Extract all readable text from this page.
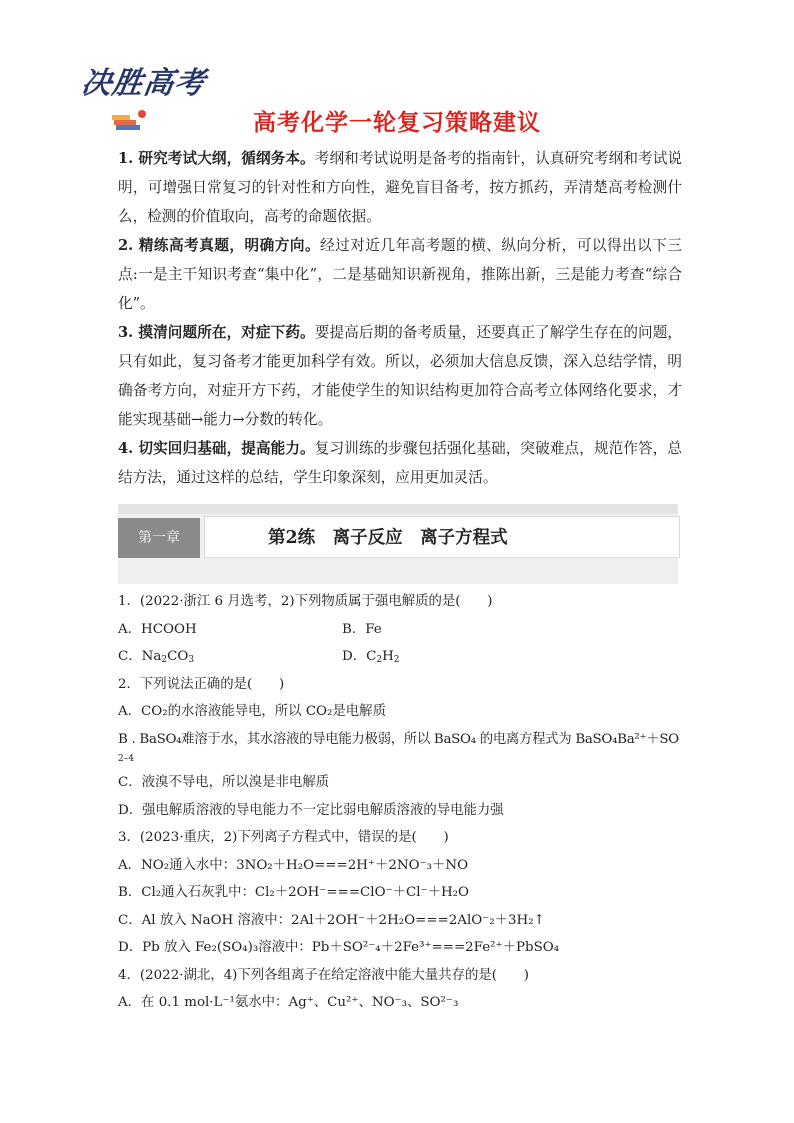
决胜高考
高考化学一轮复习策略建议

1. 研究考试大纲，循纲务本。考纲和考试说明是备考的指南针，认真研究考纲和考试说明，可增强日常复习的针对性和方向性，避免盲目备考，按方抓药，弄清楚高考检测什么，检测的价值取向，高考的命题依据。

2. 精练高考真题，明确方向。经过对近几年高考题的横、纵向分析，可以得出以下三点:一是主干知识考查“集中化”，二是基础知识新视角，推陈出新，三是能力考查“综合化”。

3. 摸清问题所在，对症下药。要提高后期的备考质量，还要真正了解学生存在的问题，只有如此，复习备考才能更加科学有效。所以，必须加大信息反馈，深入总结学情，明确备考方向，对症开方下药，才能使学生的知识结构更加符合高考立体网络化要求，才能实现基础→能力→分数的转化。

4. 切实回归基础，提高能力。复习训练的步骤包括强化基础，突破难点，规范作答，总结方法，通过这样的总结，学生印象深刻，应用更加灵活。

第一章	第2练　离子反应　离子方程式
1．(2022·浙江 6 月选考，2)下列物质属于强电解质的是(　　)
A．HCOOH	B．Fe
C．$Na_2CO_3$	D．$C_2H_2$
2．下列说法正确的是(　　)
A．CO₂的水溶液能导电，所以 CO₂是电解质
B . BaSO₄难溶于水，其水溶液的导电能力极弱，所以 BaSO₄ 的电离方程式为 BaSO₄Ba²⁺＋SO
2–4
C．液溴不导电，所以溴是非电解质
D．强电解质溶液的导电能力不一定比弱电解质溶液的导电能力强
3．(2023·重庆，2)下列离子方程式中，错误的是(　　)
A．NO₂通入水中：3NO₂＋H₂O===2H⁺＋2NO⁻₃＋NO
B．Cl₂通入石灰乳中：Cl₂＋2OH⁻===ClO⁻＋Cl⁻＋H₂O
C．Al 放入 NaOH 溶液中：2Al＋2OH⁻＋2H₂O===2AlO⁻₂＋3H₂↑
D．Pb 放入 Fe₂(SO₄)₃溶液中：Pb＋SO²⁻₄＋2Fe³⁺===2Fe²⁺＋PbSO₄
4．(2022·湖北，4)下列各组离子在给定溶液中能大量共存的是(　　)
A．在 0.1 mol·L⁻¹氨水中：Ag⁺、Cu²⁺、NO⁻₃、SO²⁻₃
